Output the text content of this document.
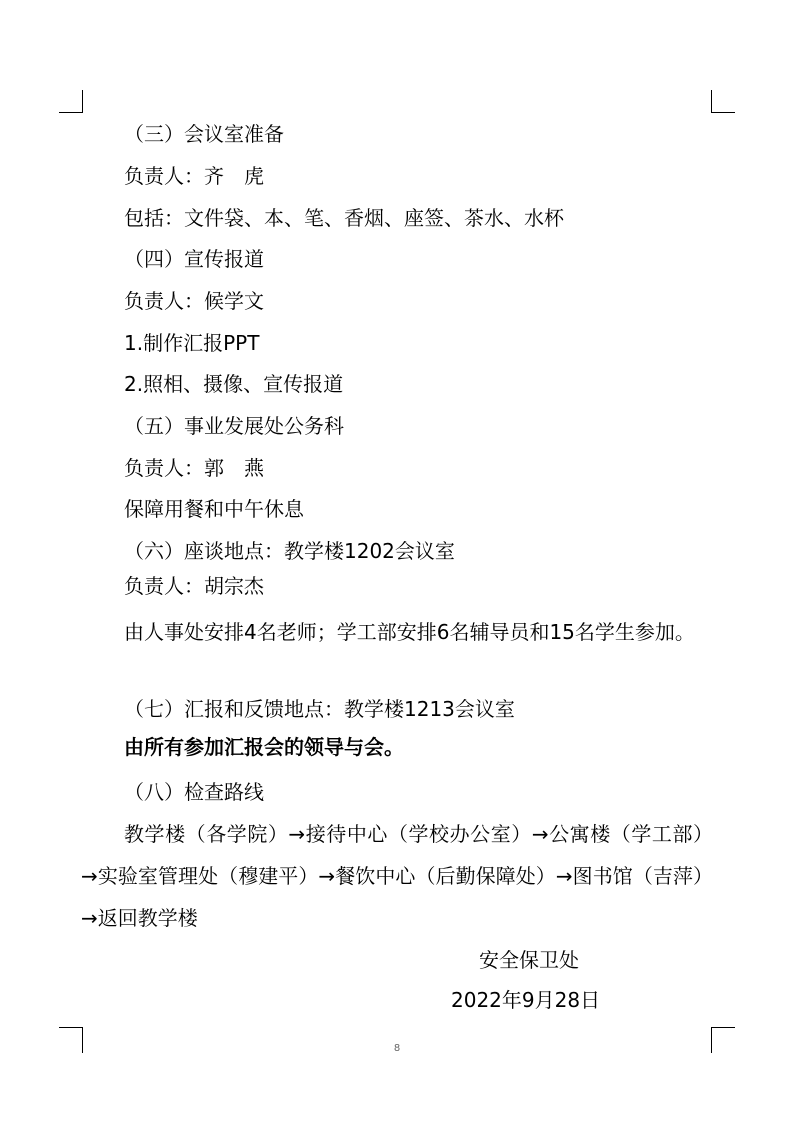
（三）会议室准备

负责人：齐　虎

包括：文件袋、本、笔、香烟、座签、茶水、水杯

（四）宣传报道

负责人：候学文

1.制作汇报PPT

2.照相、摄像、宣传报道

（五）事业发展处公务科

负责人：郭　燕

保障用餐和中午休息

（六）座谈地点：教学楼1202会议室

负责人：胡宗杰

由人事处安排4名老师；学工部安排6名辅导员和15名学生参加。

（七）汇报和反馈地点：教学楼1213会议室

由所有参加汇报会的领导与会。

（八）检查路线

教学楼（各学院）→接待中心（学校办公室）→公寓楼（学工部）→实验室管理处（穆建平）→餐饮中心（后勤保障处）→图书馆（吉萍）→返回教学楼

安全保卫处
2022年9月28日
8
